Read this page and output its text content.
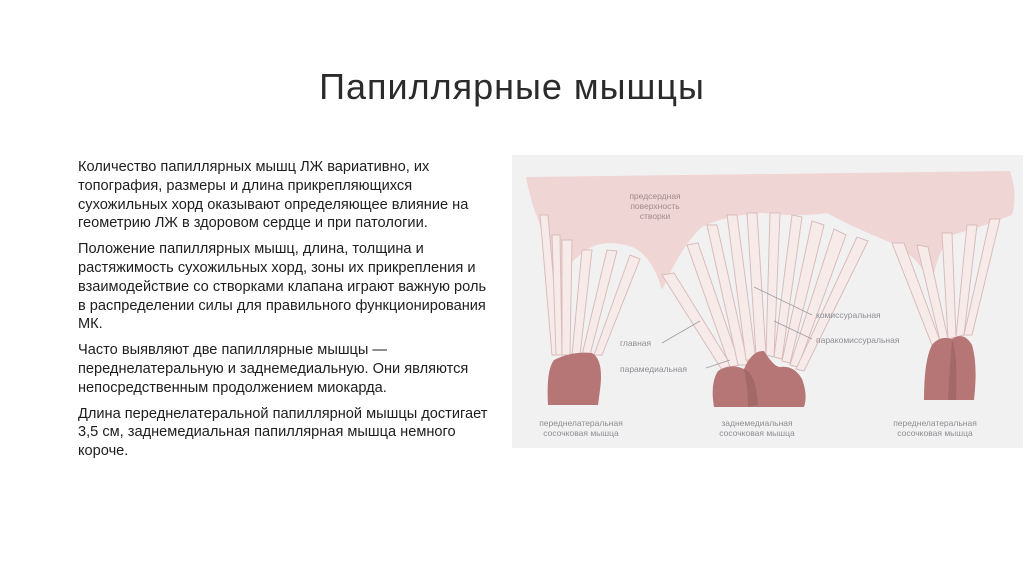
Папиллярные мышцы

Количество папиллярных мышц ЛЖ вариативно, их топография, размеры и длина прикрепляющихся сухожильных хорд оказывают определяющее влияние на геометрию ЛЖ в здоровом сердце и при патологии.

Положение папиллярных мышц, длина, толщина и растяжимость сухожильных хорд, зоны их прикрепления и взаимодействие со створками клапана играют важную роль в распределении силы для правильного функционирования МК.

Часто выявляют две папиллярные мышцы — переднелатеральную и заднемедиальную. Они являются непосредственным продолжением миокарда.

Длина переднелатеральной папиллярной мышцы достигает 3,5 см, заднемедиальная папиллярная мышца немного короче.

предсердная
поверхность
створки
главная
парамедиальная
комиссуральная
паракомиссуральная
переднелатеральная
сосочковая мышца
заднемедиальная
сосочковая мышца
переднелатеральная
сосочковая мышца
